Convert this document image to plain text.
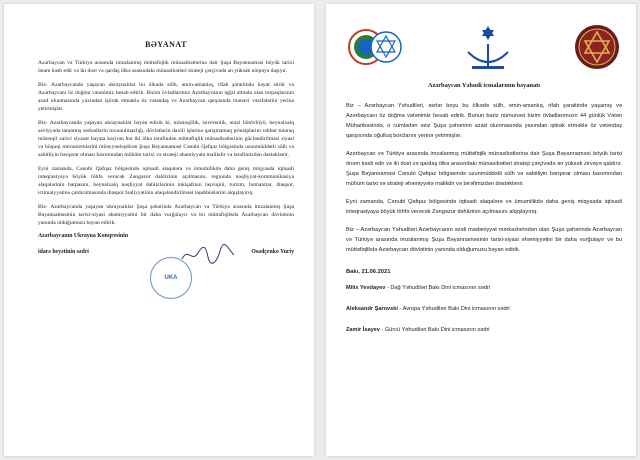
BƏYANAT

Azərbaycan və Türkiyə arasında imzalanmış müttəfiqlik münasibətlərinə dair Şuşa Bəyannaməsi böyük tarixi önəm kəsb edir və iki dost və qardaş ölkə arasındakı münasibətləri strateji çərçivədə ən yüksək nöqtəyə daşıyır.

Biz- Azərbaycanda yaşayan ukraynalılar bu ölkədə sülh, əmin-amanlıq, rifah şəraitində həyat sürür və Azərbaycanı öz doğma vətənimiz hesab edirik. Bizim övladlarımız Azərbaycanın işğal altında olan torpaqlarının azad olunmasında yaxından iştirak etməklə öz vətəndaş və Azərbaycan qarşısında mənəvi vəzifələrini yerinə yetirmişlər.

Biz- Azərbaycanda yaşayan ukraynalılar bəyan edirik ki, müstəqillik, suverenlik, ərazi bütövlüyü, beynəlxalq səviyyədə tanınmış sərhədlərin toxunulmazlığı, dövlətlərin daxili işlərinə qarışmamaq prinsiplərini rəhbər tutaraq müstəqil xarici siyasət həyata keçirən hər iki ölkə tərəfindən müttəfiqlik münasibətlərinin gücləndirilməsi siyasi və hüquqi mexanizmlərini müəyyənləşdirən Şuşa Bəyannaməsi Cənubi Qafqaz bölgəsində uzunmüddətli sülh və sabitliyin bərqərar olması baxımından mühüm tarixi və strateji əhəmiyyətə malikdir və tərəfimizdən dəstəklənir.

Eyni zamanda, Cənubi Qafqaz bölgəsində iqtisadi əlaqələrə və ümumilikdə daha geniş miqyasda iqtisadi inteqrasiyaya böyük töhfə verəcək Zəngəzur dəhlizinin açılmasını, regionda nəqliyyat-kommunikasiya əlaqələrinin bərpasını, beynəlxalq nəqliyyat dəhlizlərinin inkişafının təşviqini, turizm, humanitar, diaspor, ictimaiyyətinə çatdırılmasında diaspor fəaliyyətinin əlaqələndirilməsi təşəbbüslərini alqışlayırıq.

Biz- Azərbaycanda yaşayan ukraynalılar Şuşa şəhərində Azərbaycan və Türkiyə arasında imzalanmış Şuşa Bəyannaməsinin tarixi-siyasi əhəmiyyətini bir daha vurğulayır və bu müttəfiqlikdə Azərbaycan dövlətinin yanında olduğumuzu bəyan edirik.

Azərbaycanın Ukrayna Konqresinin
idarə heyətinin sədri	Osadçenko Yuriy
UKA
Azərbaycan Yəhudi icmalarının bəyanatı

Biz – Azərbaycan Yəhudiləri, əsrlər boyu bu ölkədə sülh, əmin-amanlıq, rifah şəraitində yaşamış və Azərbaycanı öz doğma vətənimiz hesab edirik. Bunun bariz nümunəsi bizim övladlarımızın 44 günlük Vətən Müharibəsində, o cümlədən əziz Şuşa şəhərinin azad olunmasında yaxından iştirak etməklə öz vətəndaş qarşısında oğulluq borclarını yerinə yetirmişlər.

Azərbaycan və Türkiyə arasında imzalanmış müttəfiqlik münasibətlərinə dair Şuşa Bəyannaməsi böyük tarixi önəm kəsb edir və iki dost və qardaş ölkə arasındakı münasibətləri strateji çərçivədə ən yüksək zirvəyə qaldırır. Şuşa Bəyannaməsi Cənubi Qafqaz bölgəsində uzunmüddətli sülh və sabitliyin bərqərar olması baxımından mühüm tarixi və strateji əhəmiyyətə malikdir və tərəfimizdən dəstəklənir.

Eyni zamanda, Cənubi Qafqaz bölgəsində iqtisadi əlaqələrə və ümumilikdə daha geniş miqyasda iqtisadi inteqrasiyaya böyük töhfə verəcək Zəngəzur dəhlizinin açılmasını alqışlayırıq.

Biz – Azərbaycan Yəhudiləri Azərbaycanın əzəli mədəniyyət mərkəzlərindən olan Şuşa şəhərində Azərbaycan və Türkiyə arasında imzalanmış Şuşa Bəyannaməsinin tarixi-siyasi əhəmiyyətini bir daha vurğulayır və bu müttəfiqlikdə Azərbaycan dövlətinin yanında olduğumuzu bəyan edirik.

Bakı, 21.06.2021
Milix Yevdayev - Dağ Yəhudiləri Bakı Dini icmasının sədri
Aleksandr Şarovski - Avropa Yəhudiləri Bakı Dini icmasının sədri
Zamir İsayev - Gürcü Yəhudiləri Bakı Dini icmasının sədri
